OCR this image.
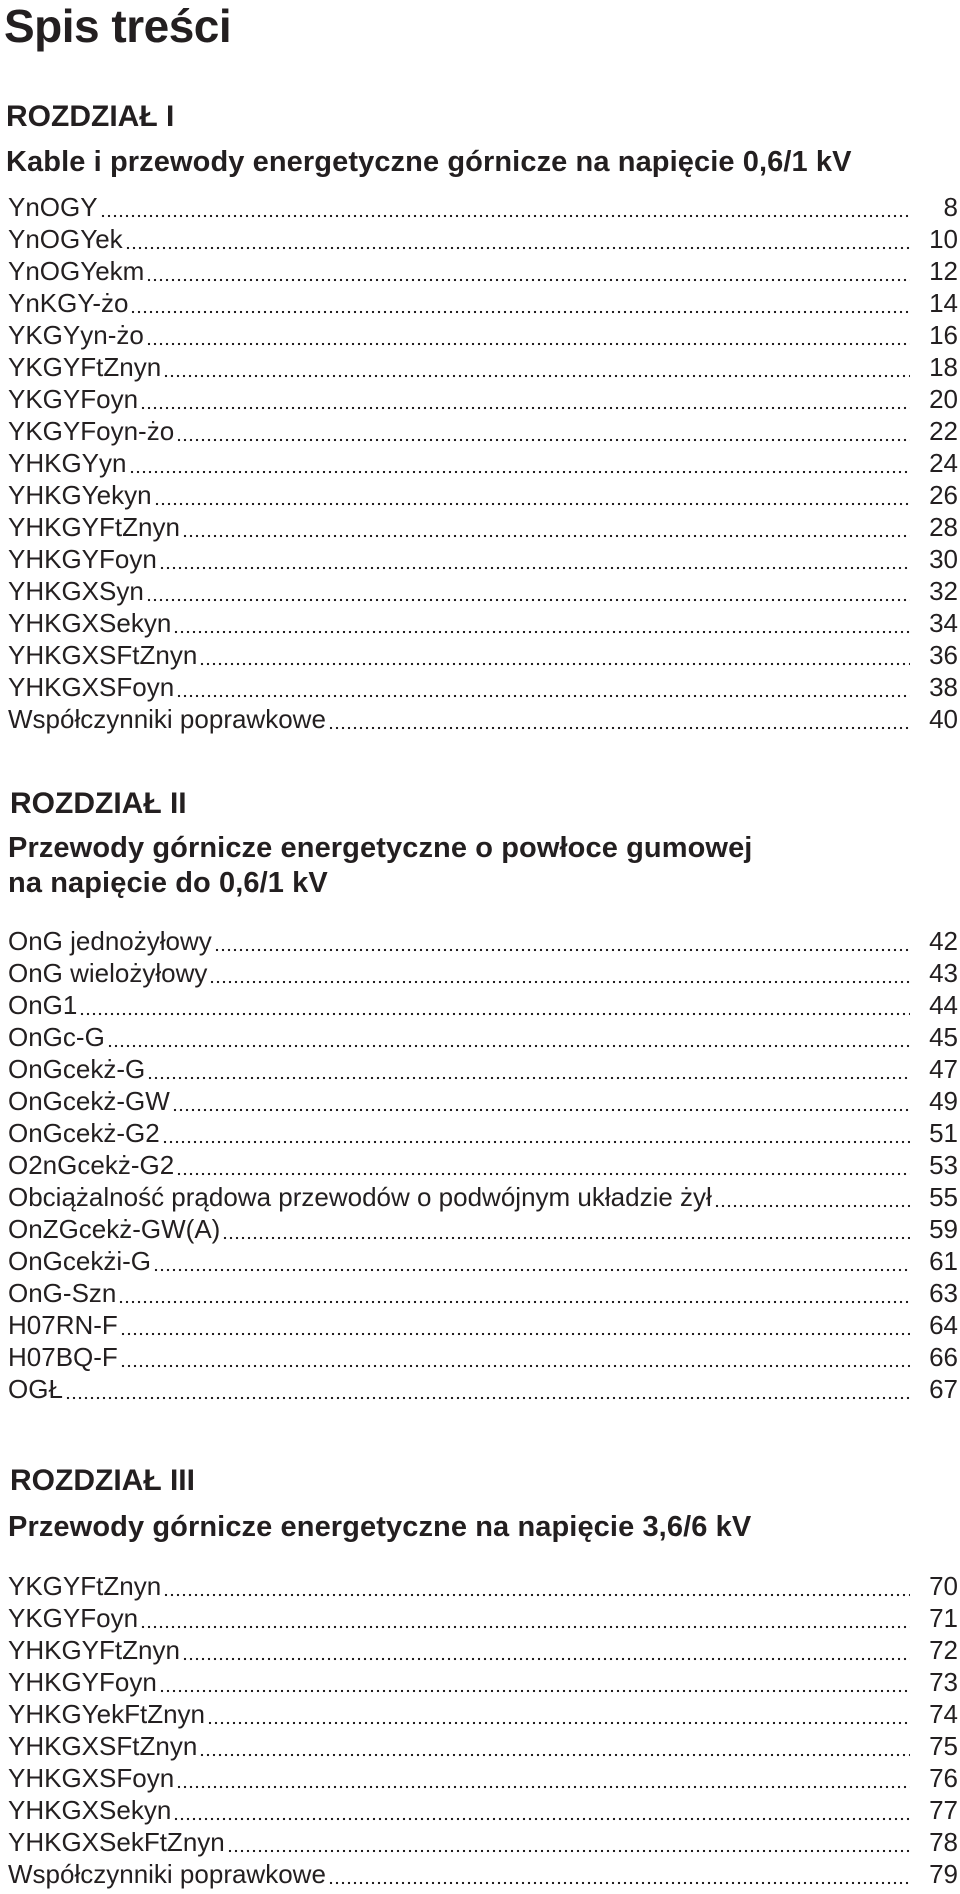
Spis treści
ROZDZIAŁ I
Kable i przewody energetyczne górnicze na napięcie 0,6/1 kV
YnOGY	8
YnOGYek	10
YnOGYekm	12
YnKGY-żo	14
YKGYyn-żo	16
YKGYFtZnyn	18
YKGYFoyn	20
YKGYFoyn-żo	22
YHKGYyn	24
YHKGYekyn	26
YHKGYFtZnyn	28
YHKGYFoyn	30
YHKGXSyn	32
YHKGXSekyn	34
YHKGXSFtZnyn	36
YHKGXSFoyn	38
Współczynniki poprawkowe	40
ROZDZIAŁ II
Przewody górnicze energetyczne o powłoce gumowej
na napięcie do 0,6/1 kV
OnG jednożyłowy	42
OnG wielożyłowy	43
OnG1	44
OnGc-G	45
OnGcekż-G	47
OnGcekż-GW	49
OnGcekż-G2	51
O2nGcekż-G2	53
Obciążalność prądowa przewodów o podwójnym układzie żył	55
OnZGcekż-GW(A)	59
OnGcekżi-G	61
OnG-Szn	63
H07RN-F	64
H07BQ-F	66
OGŁ	67
ROZDZIAŁ III
Przewody górnicze energetyczne na napięcie 3,6/6 kV
YKGYFtZnyn	70
YKGYFoyn	71
YHKGYFtZnyn	72
YHKGYFoyn	73
YHKGYekFtZnyn	74
YHKGXSFtZnyn	75
YHKGXSFoyn	76
YHKGXSekyn	77
YHKGXSekFtZnyn	78
Współczynniki poprawkowe	79
